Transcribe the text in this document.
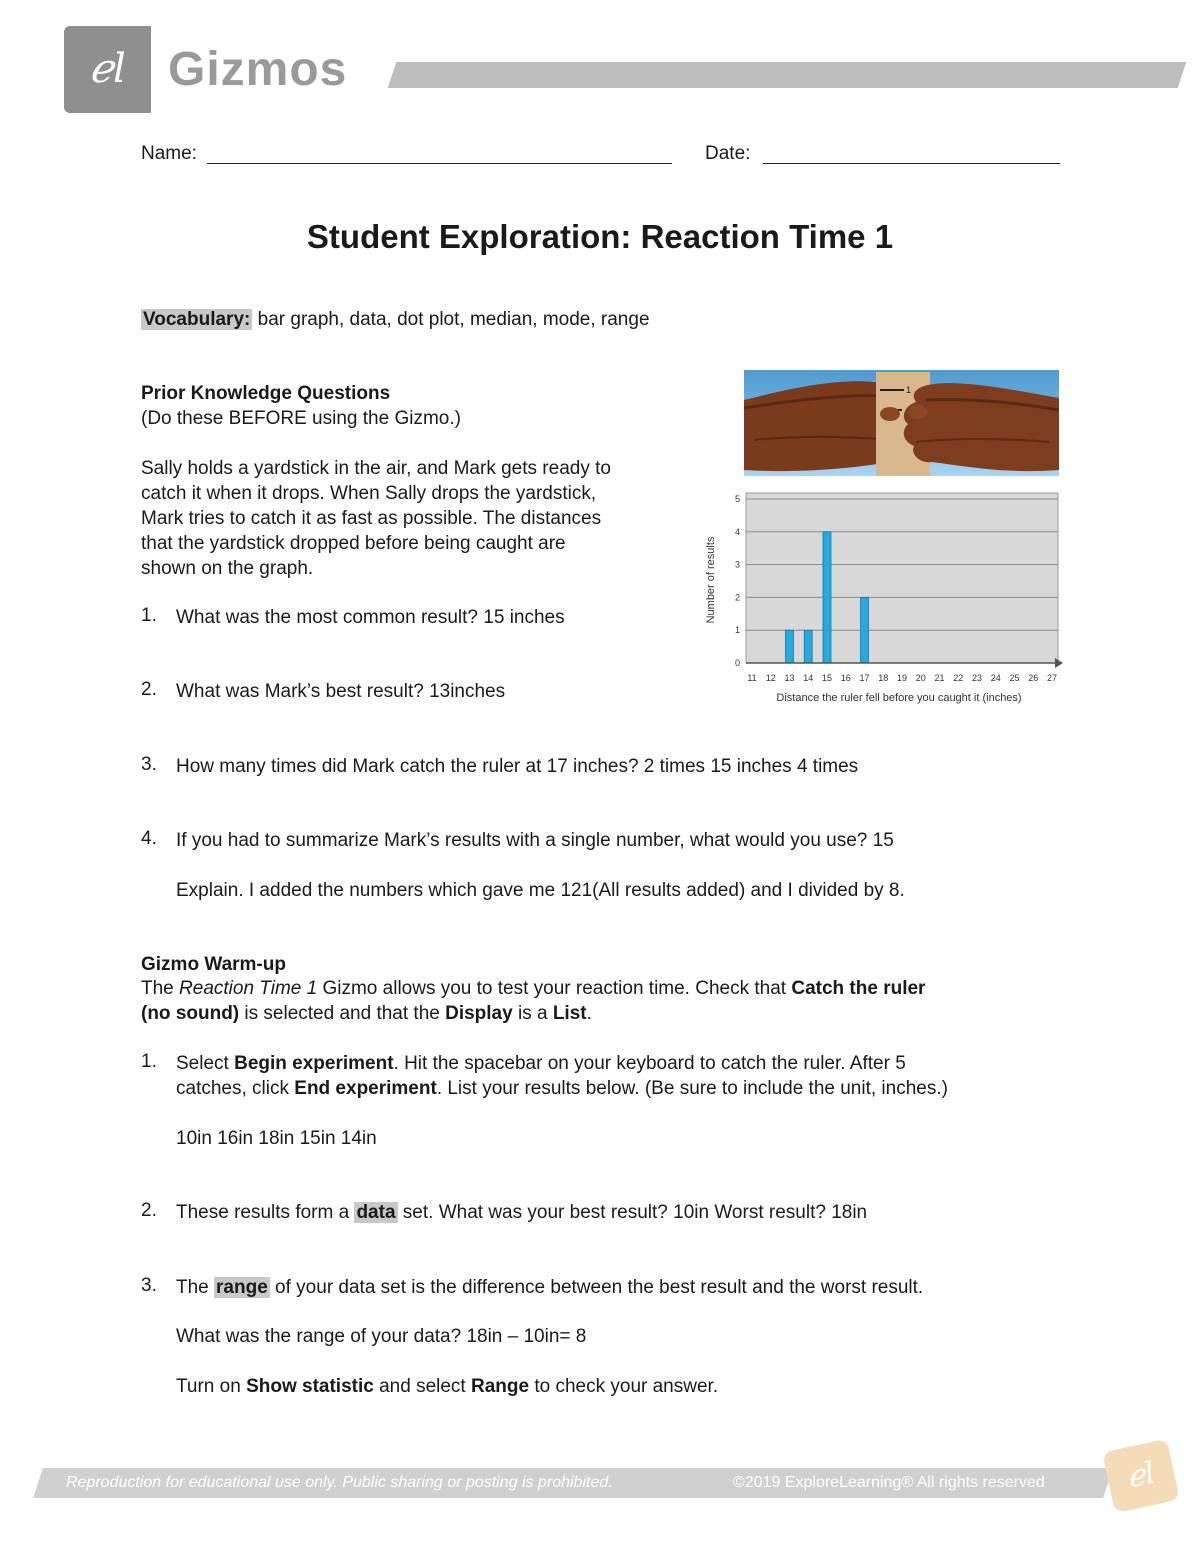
ℯl Gizmos
Name:	Date:
Student Exploration: Reaction Time 1
Vocabulary: bar graph, data, dot plot, median, mode, range
Prior Knowledge Questions
(Do these BEFORE using the Gizmo.)
Sally holds a yardstick in the air, and Mark gets ready to
catch it when it drops. When Sally drops the yardstick,
Mark tries to catch it as fast as possible. The distances
that the yardstick dropped before being caught are
shown on the graph.
1. What was the most common result? 15 inches
2. What was Mark’s best result? 13inches
3. How many times did Mark catch the ruler at 17 inches? 2 times 15 inches 4 times
4. If you had to summarize Mark’s results with a single number, what would you use? 15
Explain. I added the numbers which gave me 121(All results added) and I divided by 8.
1
0
1
2
3
4
5
11 12 13 14 15 16 17 18 19 20 21 22 23 24 25 26 27
Number of results
Distance the ruler fell before you caught it (inches)
Gizmo Warm-up
The Reaction Time 1 Gizmo allows you to test your reaction time. Check that Catch the ruler
(no sound) is selected and that the Display is a List.
1. Select Begin experiment. Hit the spacebar on your keyboard to catch the ruler. After 5
catches, click End experiment. List your results below. (Be sure to include the unit, inches.)
10in 16in 18in 15in 14in
2. These results form a data set. What was your best result? 10in Worst result? 18in
3. The range of your data set is the difference between the best result and the worst result.
What was the range of your data? 18in – 10in= 8
Turn on Show statistic and select Range to check your answer.
Reproduction for educational use only. Public sharing or posting is prohibited.	©2019 ExploreLearning® All rights reserved	ℯl
